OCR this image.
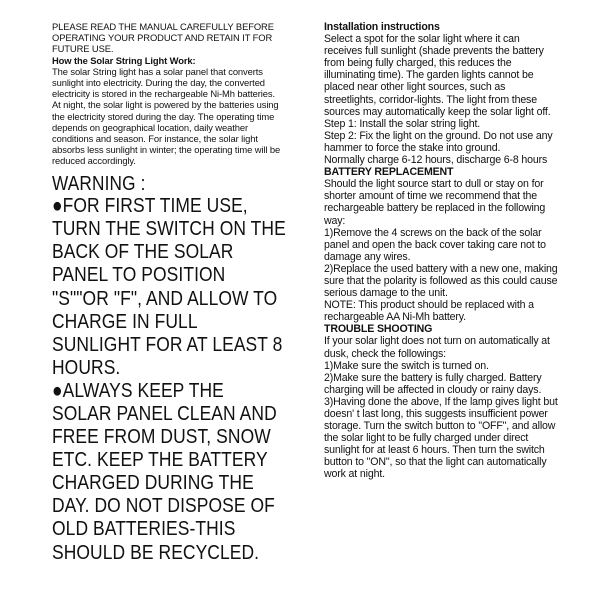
PLEASE READ THE MANUAL CAREFULLY BEFORE OPERATING YOUR PRODUCT AND RETAIN IT FOR FUTURE USE.

How the Solar String Light Work:

The solar String light has a solar panel that converts sunlight into electricity. During the day, the converted electricity is stored in the rechargeable Ni-Mh batteries. At night, the solar light is powered by the batteries using the electricity stored during the day. The operating time depends on geographical location, daily weather conditions and season. For instance, the solar light absorbs less sunlight in winter; the operating time will be reduced accordingly.

WARNING :

●FOR FIRST TIME USE, TURN THE SWITCH ON THE BACK OF THE SOLAR PANEL TO POSITION "S""OR "F", AND ALLOW TO CHARGE IN FULL SUNLIGHT FOR AT LEAST 8 HOURS.

●ALWAYS KEEP THE SOLAR PANEL CLEAN AND FREE FROM DUST, SNOW ETC. KEEP THE BATTERY CHARGED DURING THE DAY. DO NOT DISPOSE OF OLD BATTERIES-THIS SHOULD BE RECYCLED.

Installation instructions

Select a spot for the solar light where it can receives full sunlight (shade prevents the battery from being fully charged, this reduces the illuminating time). The garden lights cannot be placed near other light sources, such as streetlights, corridor-lights. The light from these sources may automatically keep the solar light off.

Step 1: Install the solar string light.

Step 2: Fix the light on the ground. Do not use any hammer to force the stake into ground.

Normally charge 6-12 hours, discharge 6-8 hours

BATTERY REPLACEMENT

Should the light source start to dull or stay on for shorter amount of time we recommend that the rechargeable battery be replaced in the following way:

1)Remove the 4 screws on the back of the solar panel and open the back cover taking care not to damage any wires.

2)Replace the used battery with a new one, making sure that the polarity is followed as this could cause serious damage to the unit.

NOTE: This product should be replaced with a rechargeable AA Ni-Mh battery.

TROUBLE SHOOTING

If your solar light does not turn on automatically at dusk, check the followings:

1)Make sure the switch is turned on.

2)Make sure the battery is fully charged. Battery charging will be affected in cloudy or rainy days.

3)Having done the above, If the lamp gives light but doesn' t last long, this suggests insufficient power storage. Turn the switch button to "OFF", and allow the solar light to be fully charged under direct sunlight for at least 6 hours. Then turn the switch button to "ON", so that the light can automatically work at night.
